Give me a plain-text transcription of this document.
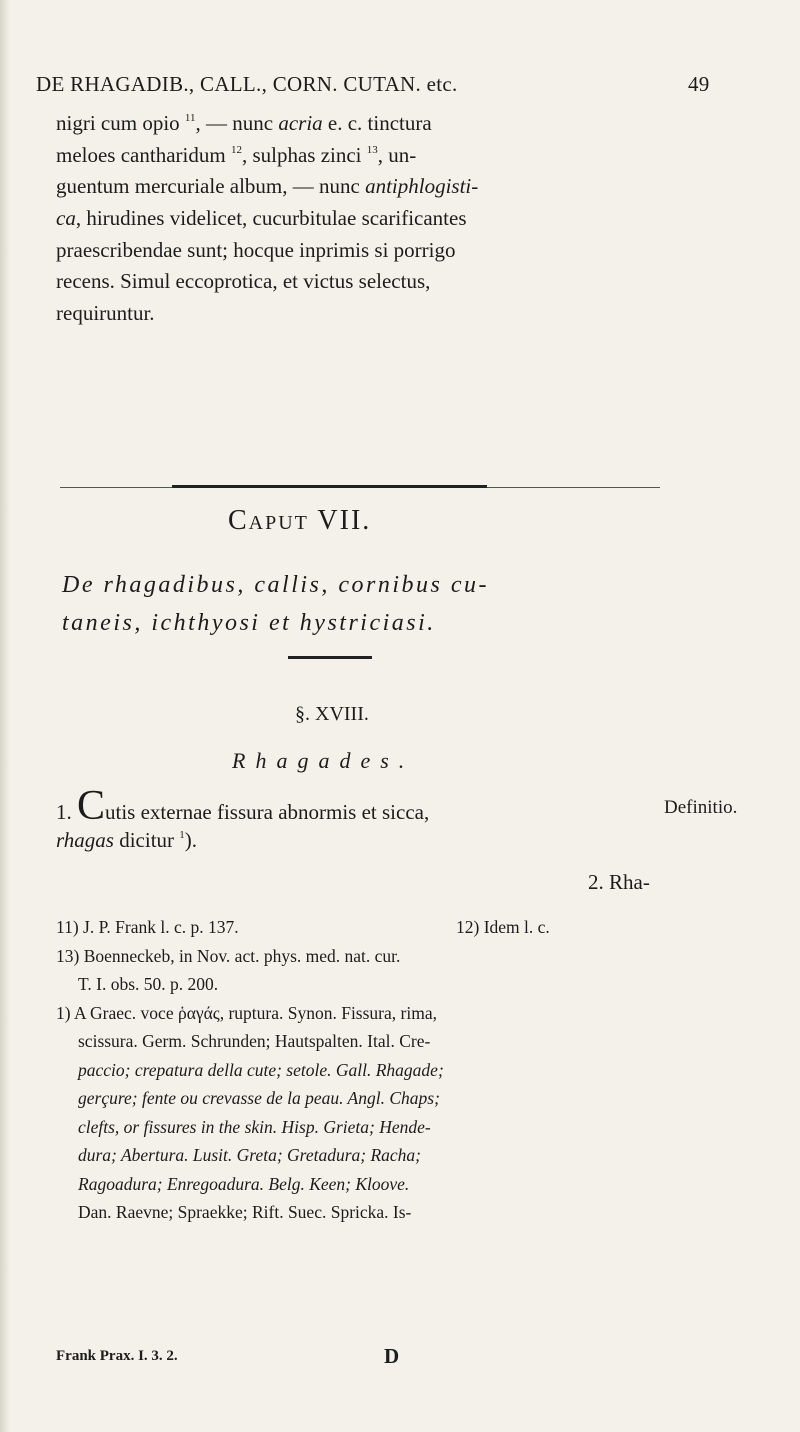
DE RHAGADIB., CALL., CORN. CUTAN. etc.	49
nigri cum opio $^{11}$, — nunc acria e. c. tinctura
meloes cantharidum $^{12}$, sulphas zinci $^{13}$, un-
guentum mercuriale album, — nunc antiphlogisti-
ca, hirudines videlicet, cucurbitulae scarificantes
praescribendae sunt; hocque inprimis si porrigo
recens. Simul eccoprotica, et victus selectus,
requiruntur.
Caput VII.
De rhagadibus, callis, cornibus cu-
taneis, ichthyosi et hystriciasi.
§. XVIII.
Rhagades.
1. Cutis externae fissura abnormis et sicca,	Definitio.
rhagas dicitur $^1$).
2. Rha-
11) J. P. Frank l. c. p. 137.	12) Idem l. c.
13) Boenneckeb, in Nov. act. phys. med. nat. cur.
T. I. obs. 50. p. 200.
1) A Graec. voce ῥαγάς, ruptura. Synon. Fissura, rima,
scissura. Germ. Schrunden; Hautspalten. Ital. Cre-
paccio; crepatura della cute; setole. Gall. Rhagade;
gerçure; fente ou crevasse de la peau. Angl. Chaps;
clefts, or fissures in the skin. Hisp. Grieta; Hende-
dura; Abertura. Lusit. Greta; Gretadura; Racha;
Ragoadura; Enregoadura. Belg. Keen; Kloove.
Dan. Raevne; Spraekke; Rift. Suec. Spricka. Is-
Frank Prax. I. 3. 2.	D
